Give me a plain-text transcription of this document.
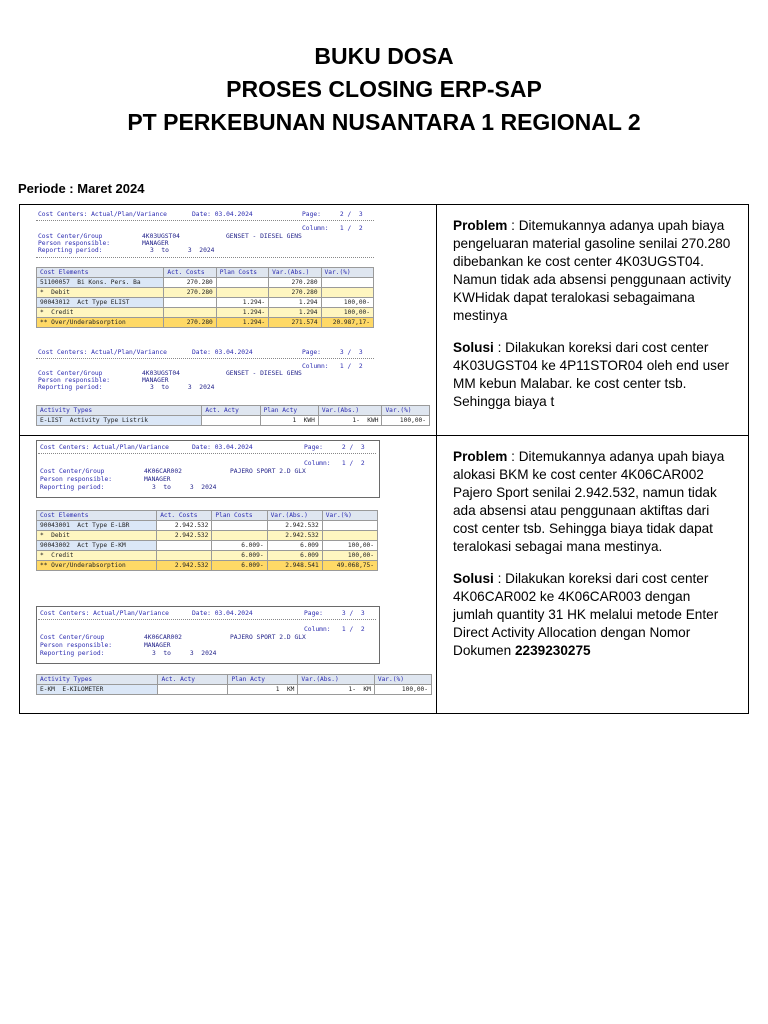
BUKU DOSA
PROSES CLOSING ERP-SAP
PT PERKEBUNAN NUSANTARA 1 REGIONAL 2
Periode : Maret 2024
Cost Centers: Actual/Plan/Variance	Date: 03.04.2024	Page:     2 /  3
Column:   1 /  2
Cost Center/Group	4K03UGST04	GENSET - DIESEL GENS
Person responsible:	MANAGER
Reporting period:	3  to     3  2024
Cost Elements	Act. Costs	Plan Costs	Var.(Abs.)	Var.(%)
51100057  Bi Kons. Pers. Ba	270.280		270.280	
*  Debit	270.280		270.280	
90043012  Act Type ELIST		1.294-	1.294	100,00-
*  Credit		1.294-	1.294	100,00-
** Over/Underabsorption	270.280	1.294-	271.574	20.987,17-
Cost Centers: Actual/Plan/Variance	Date: 03.04.2024	Page:     3 /  3
Column:   1 /  2
Cost Center/Group	4K03UGST04	GENSET - DIESEL GENS
Person responsible:	MANAGER
Reporting period:	3  to     3  2024
Activity Types	Act. Acty	Plan Acty	Var.(Abs.)	Var.(%)
E-LIST  Activity Type Listrik		1  KWH	1-  KWH	100,00-

Problem : Ditemukannya adanya upah biaya pengeluaran material gasoline senilai 270.280 dibebankan ke cost center 4K03UGST04. Namun tidak ada absensi penggunaan activity KWHidak dapat teralokasi sebagaimana mestinya

Solusi : Dilakukan koreksi dari cost center 4K03UGST04 ke 4P11STOR04 oleh end user MM kebun Malabar. ke cost center tsb. Sehingga biaya t

Cost Centers: Actual/Plan/Variance	Date: 03.04.2024	Page:     2 /  3
Column:   1 /  2
Cost Center/Group	4K06CAR002	PAJERO SPORT 2.D GLX
Person responsible:	MANAGER
Reporting period:	3  to     3  2024
Cost Elements	Act. Costs	Plan Costs	Var.(Abs.)	Var.(%)
90043001  Act Type E-LBR	2.942.532		2.942.532	
*  Debit	2.942.532		2.942.532	
90043002  Act Type E-KM		6.009-	6.009	100,00-
*  Credit		6.009-	6.009	100,00-
** Over/Underabsorption	2.942.532	6.009-	2.948.541	49.068,75-
Cost Centers: Actual/Plan/Variance	Date: 03.04.2024	Page:     3 /  3
Column:   1 /  2
Cost Center/Group	4K06CAR002	PAJERO SPORT 2.D GLX
Person responsible:	MANAGER
Reporting period:	3  to     3  2024
Activity Types	Act. Acty	Plan Acty	Var.(Abs.)	Var.(%)
E-KM  E-KILOMETER		1  KM	1-  KM	100,00-

Problem : Ditemukannya adanya upah biaya alokasi BKM ke cost center 4K06CAR002 Pajero Sport senilai 2.942.532, namun tidak ada absensi atau penggunaan aktiftas dari cost center tsb. Sehingga biaya tidak dapat teralokasi sebagai mana mestinya.

Solusi : Dilakukan koreksi dari cost center 4K06CAR002 ke 4K06CAR003 dengan jumlah quantity 31 HK melalui metode Enter Direct Activity Allocation dengan Nomor Dokumen 2239230275
